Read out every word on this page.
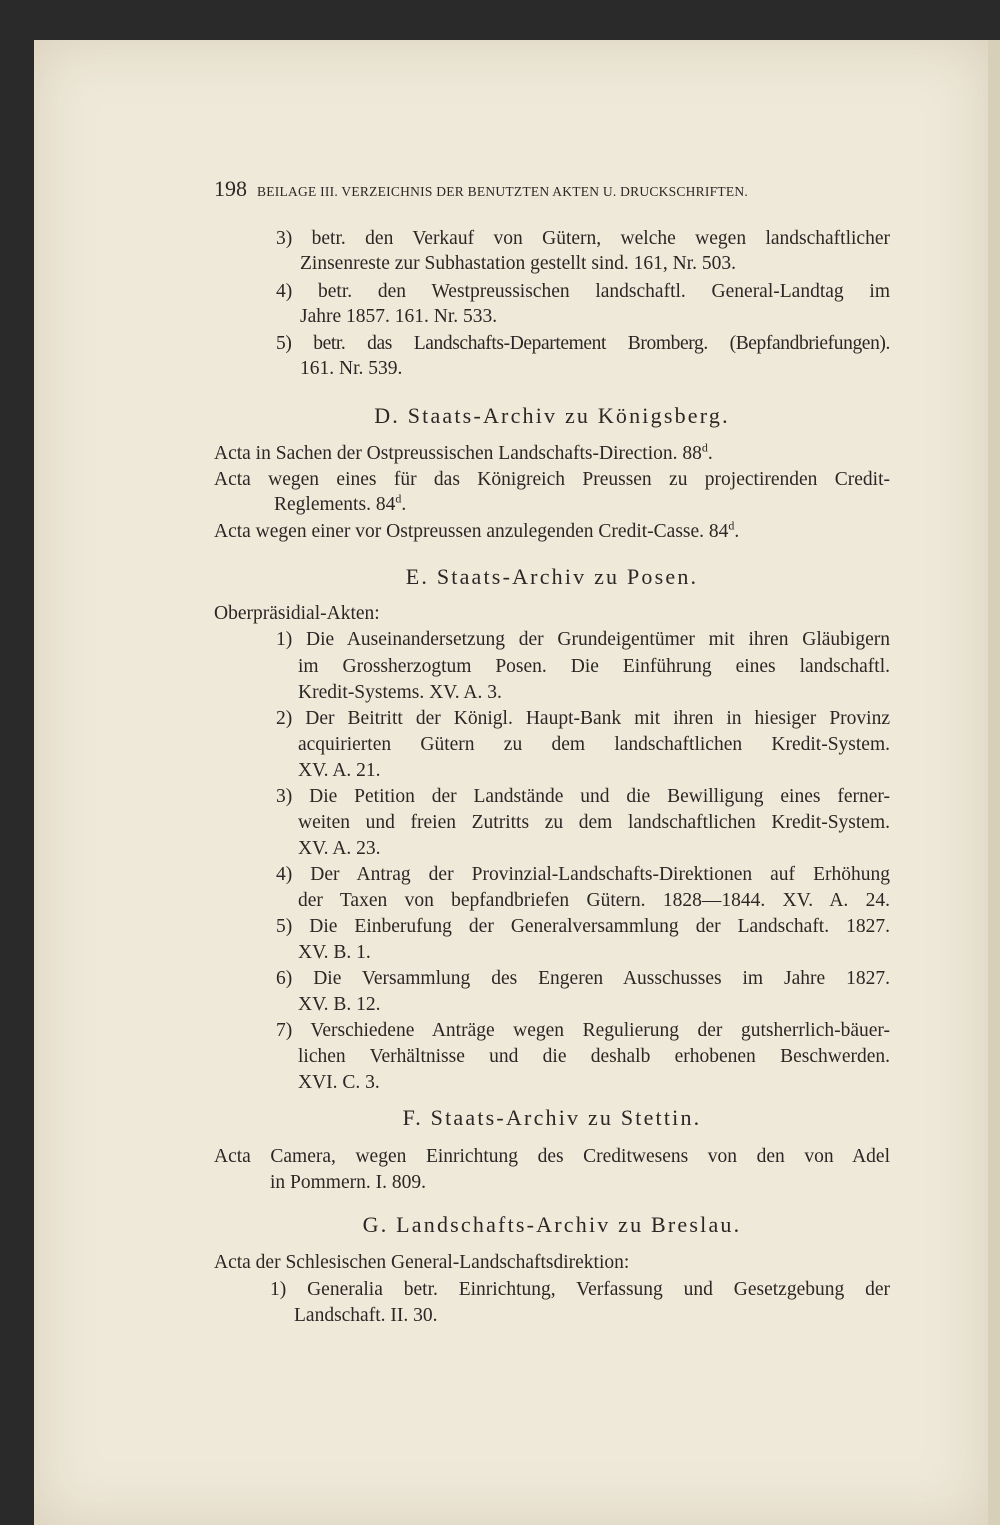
198 BEILAGE III. VERZEICHNIS DER BENUTZTEN AKTEN U. DRUCKSCHRIFTEN.
3) betr. den Verkauf von Gütern, welche wegen landschaftlicher
Zinsenreste zur Subhastation gestellt sind. 161, Nr. 503.
4) betr. den Westpreussischen landschaftl. General-Landtag im
Jahre 1857. 161. Nr. 533.
5) betr. das Landschafts-Departement Bromberg. (Bepfandbriefungen).
161. Nr. 539.
D. Staats-Archiv zu Königsberg.
Acta in Sachen der Ostpreussischen Landschafts-Direction. 88$^d$.
Acta wegen eines für das Königreich Preussen zu projectirenden Credit-
Reglements. 84$^d$.
Acta wegen einer vor Ostpreussen anzulegenden Credit-Casse. 84$^d$.
E. Staats-Archiv zu Posen.
Oberpräsidial-Akten:
1) Die Auseinandersetzung der Grundeigentümer mit ihren Gläubigern
im Grossherzogtum Posen. Die Einführung eines landschaftl.
Kredit-Systems. XV. A. 3.
2) Der Beitritt der Königl. Haupt-Bank mit ihren in hiesiger Provinz
acquirierten Gütern zu dem landschaftlichen Kredit-System.
XV. A. 21.
3) Die Petition der Landstände und die Bewilligung eines ferner-
weiten und freien Zutritts zu dem landschaftlichen Kredit-System.
XV. A. 23.
4) Der Antrag der Provinzial-Landschafts-Direktionen auf Erhöhung
der Taxen von bepfandbriefen Gütern. 1828—1844. XV. A. 24.
5) Die Einberufung der Generalversammlung der Landschaft. 1827.
XV. B. 1.
6) Die Versammlung des Engeren Ausschusses im Jahre 1827.
XV. B. 12.
7) Verschiedene Anträge wegen Regulierung der gutsherrlich-bäuer-
lichen Verhältnisse und die deshalb erhobenen Beschwerden.
XVI. C. 3.
F. Staats-Archiv zu Stettin.
Acta Camera, wegen Einrichtung des Creditwesens von den von Adel
in Pommern. I. 809.
G. Landschafts-Archiv zu Breslau.
Acta der Schlesischen General-Landschaftsdirektion:
1) Generalia betr. Einrichtung, Verfassung und Gesetzgebung der
Landschaft. II. 30.
